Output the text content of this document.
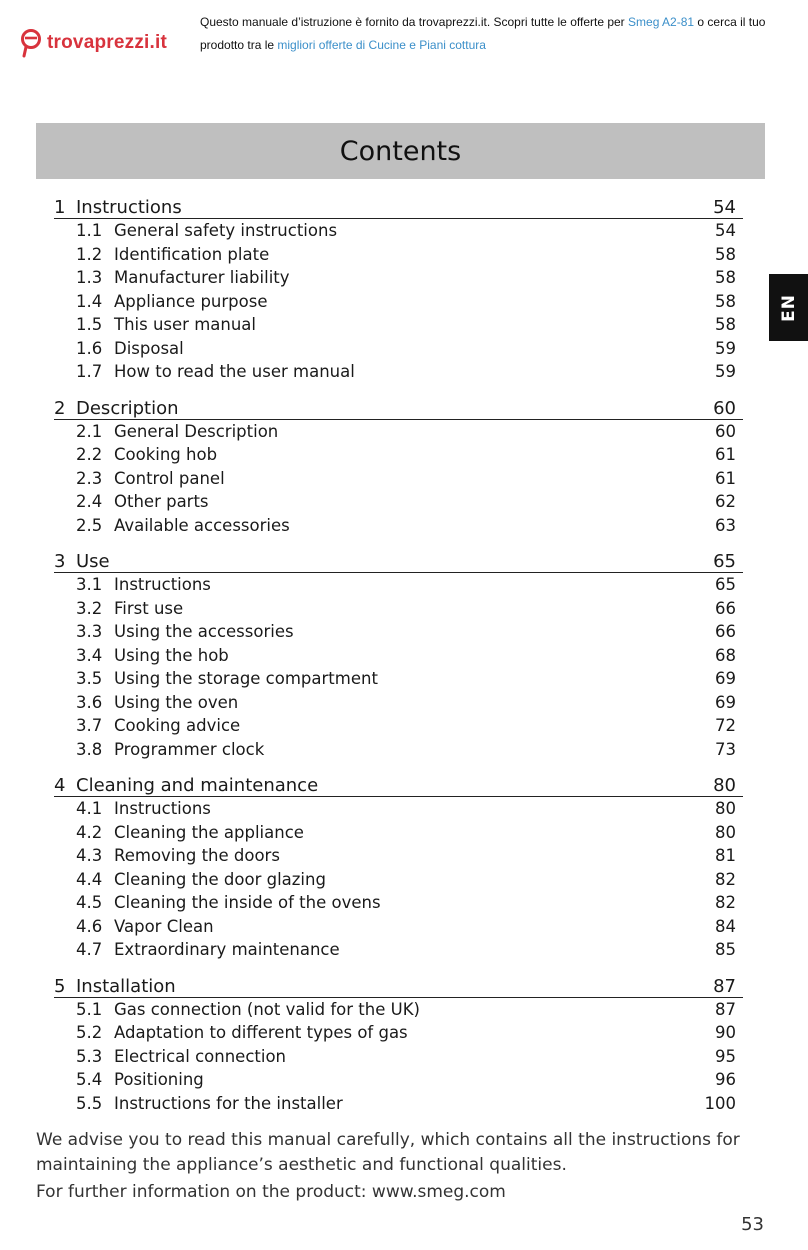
trovaprezzi.it
Questo manuale d’istruzione è fornito da trovaprezzi.it. Scopri tutte le offerte per Smeg A2-81 o cerca il tuo
prodotto tra le migliori offerte di Cucine e Piani cottura
EN
Contents
1 Instructions	54
1.1 General safety instructions	54
1.2 Identification plate	58
1.3 Manufacturer liability	58
1.4 Appliance purpose	58
1.5 This user manual	58
1.6 Disposal	59
1.7 How to read the user manual	59
2 Description	60
2.1 General Description	60
2.2 Cooking hob	61
2.3 Control panel	61
2.4 Other parts	62
2.5 Available accessories	63
3 Use	65
3.1 Instructions	65
3.2 First use	66
3.3 Using the accessories	66
3.4 Using the hob	68
3.5 Using the storage compartment	69
3.6 Using the oven	69
3.7 Cooking advice	72
3.8 Programmer clock	73
4 Cleaning and maintenance	80
4.1 Instructions	80
4.2 Cleaning the appliance	80
4.3 Removing the doors	81
4.4 Cleaning the door glazing	82
4.5 Cleaning the inside of the ovens	82
4.6 Vapor Clean	84
4.7 Extraordinary maintenance	85
5 Installation	87
5.1 Gas connection (not valid for the UK)	87
5.2 Adaptation to different types of gas	90
5.3 Electrical connection	95
5.4 Positioning	96
5.5 Instructions for the installer	100

We advise you to read this manual carefully, which contains all the instructions for maintaining the appliance’s aesthetic and functional qualities.

For further information on the product: www.smeg.com

53
